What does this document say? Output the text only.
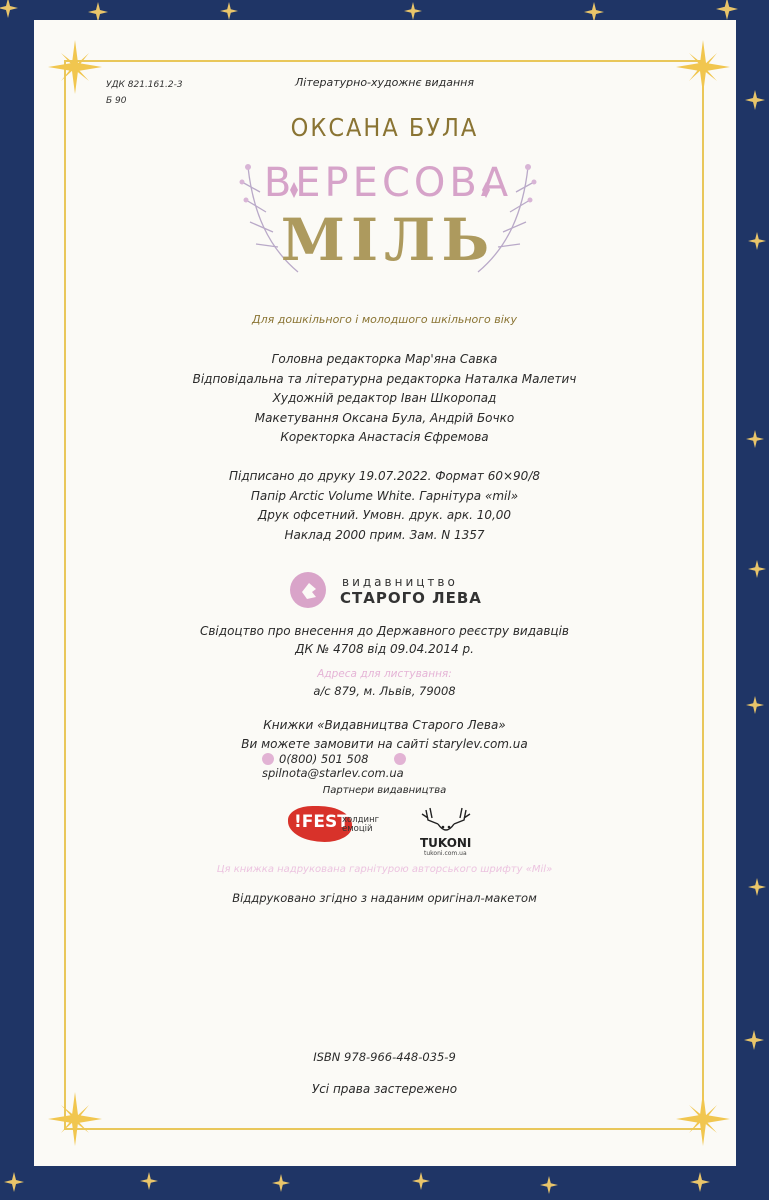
УДК 821.161.2-3
Б 90
Літературно-художнє видання
ОКСАНА БУЛА
ВЕРЕСОВА
МІЛЬ
Для дошкільного і молодшого шкільного віку
Головна редакторка Мар'яна Савка
Відповідальна та літературна редакторка Наталка Малетич
Художній редактор Іван Шкоропад
Макетування Оксана Була, Андрій Бочко
Коректорка Анастасія Єфремова
Підписано до друку 19.07.2022. Формат 60×90/8
Папір Arctic Volume White. Гарнітура «mil»
Друк офсетний. Умовн. друк. арк. 10,00
Наклад 2000 прим. Зам. N 1357
видавництво
СТАРОГО ЛЕВА
Свідоцтво про внесення до Державного реєстру видавців
ДК № 4708 від 09.04.2014 р.
Адреса для листування:
а/с 879, м. Львів, 79008
Книжки «Видавництва Старого Лева»
Ви можете замовити на сайті starylev.com.ua
0(800) 501 508  spilnota@starlev.com.ua
Партнери видавництва
!FEST
холдинг
емоцій
TUKONI
tukoni.com.ua
Ця книжка надрукована гарнітурою авторського шрифту «Mil»
Віддруковано згідно з наданим оригінал-макетом
ISBN 978-966-448-035-9
Усі права застережено
